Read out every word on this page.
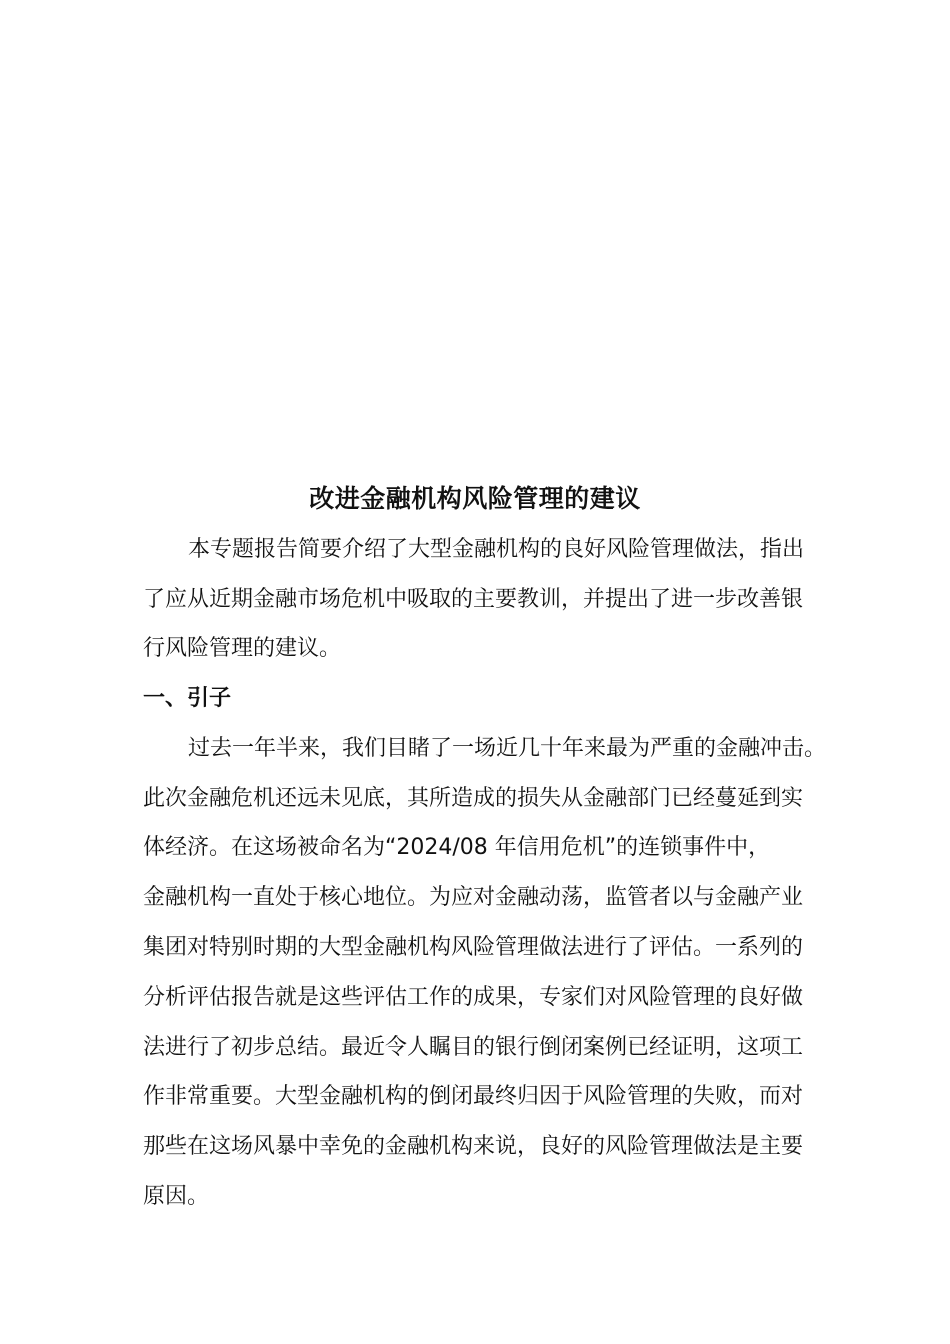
改进金融机构风险管理的建议
本专题报告简要介绍了大型金融机构的良好风险管理做法，指出
了应从近期金融市场危机中吸取的主要教训，并提出了进一步改善银
行风险管理的建议。
一、引子
过去一年半来，我们目睹了一场近几十年来最为严重的金融冲击。
此次金融危机还远未见底，其所造成的损失从金融部门已经蔓延到实
体经济。在这场被命名为“2024/08 年信用危机”的连锁事件中，
金融机构一直处于核心地位。为应对金融动荡，监管者以与金融产业
集团对特别时期的大型金融机构风险管理做法进行了评估。一系列的
分析评估报告就是这些评估工作的成果，专家们对风险管理的良好做
法进行了初步总结。最近令人瞩目的银行倒闭案例已经证明，这项工
作非常重要。大型金融机构的倒闭最终归因于风险管理的失败，而对
那些在这场风暴中幸免的金融机构来说，良好的风险管理做法是主要
原因。
